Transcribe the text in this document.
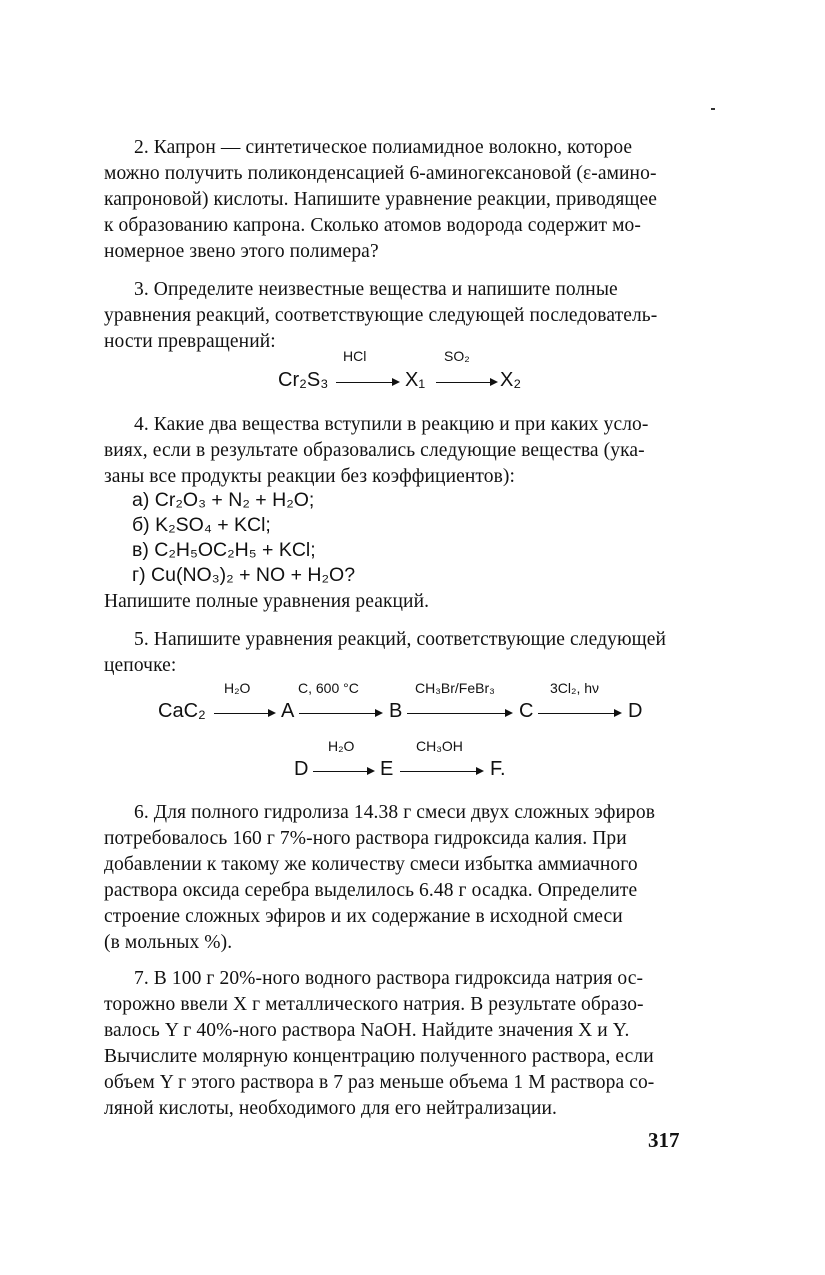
2. Капрон — синтетическое полиамидное волокно, которое
можно получить поликонденсацией 6-аминогексановой (ε-амино-
капроновой) кислоты. Напишите уравнение реакции, приводящее
к образованию капрона. Сколько атомов водорода содержит мо-
номерное звено этого полимера?
3. Определите неизвестные вещества и напишите полные
уравнения реакций, соответствующие следующей последователь-
ности превращений:
HCl	SO₂
Cr₂S₃	X₁	X₂
4. Какие два вещества вступили в реакцию и при каких усло-
виях, если в результате образовались следующие вещества (ука-
заны все продукты реакции без коэффициентов):
а) Cr₂O₃ + N₂ + H₂O;
б) K₂SO₄ + KCl;
в) C₂H₅OC₂H₅ + KCl;
г) Cu(NO₃)₂ + NO + H₂O?
Напишите полные уравнения реакций.
5. Напишите уравнения реакций, соответствующие следующей
цепочке:
H₂O	C, 600 °C	CH₃Br/FeBr₃	3Cl₂, hν
CaC₂	A	B	C	D
H₂O	CH₃OH
D	E	F.
6. Для полного гидролиза 14.38 г смеси двух сложных эфиров
потребовалось 160 г 7%-ного раствора гидроксида калия. При
добавлении к такому же количеству смеси избытка аммиачного
раствора оксида серебра выделилось 6.48 г осадка. Определите
строение сложных эфиров и их содержание в исходной смеси
(в мольных %).
7. В 100 г 20%-ного водного раствора гидроксида натрия ос-
торожно ввели X г металлического натрия. В результате образо-
валось Y г 40%-ного раствора NaOH. Найдите значения X и Y.
Вычислите молярную концентрацию полученного раствора, если
объем Y г этого раствора в 7 раз меньше объема 1 М раствора со-
ляной кислоты, необходимого для его нейтрализации.
317
